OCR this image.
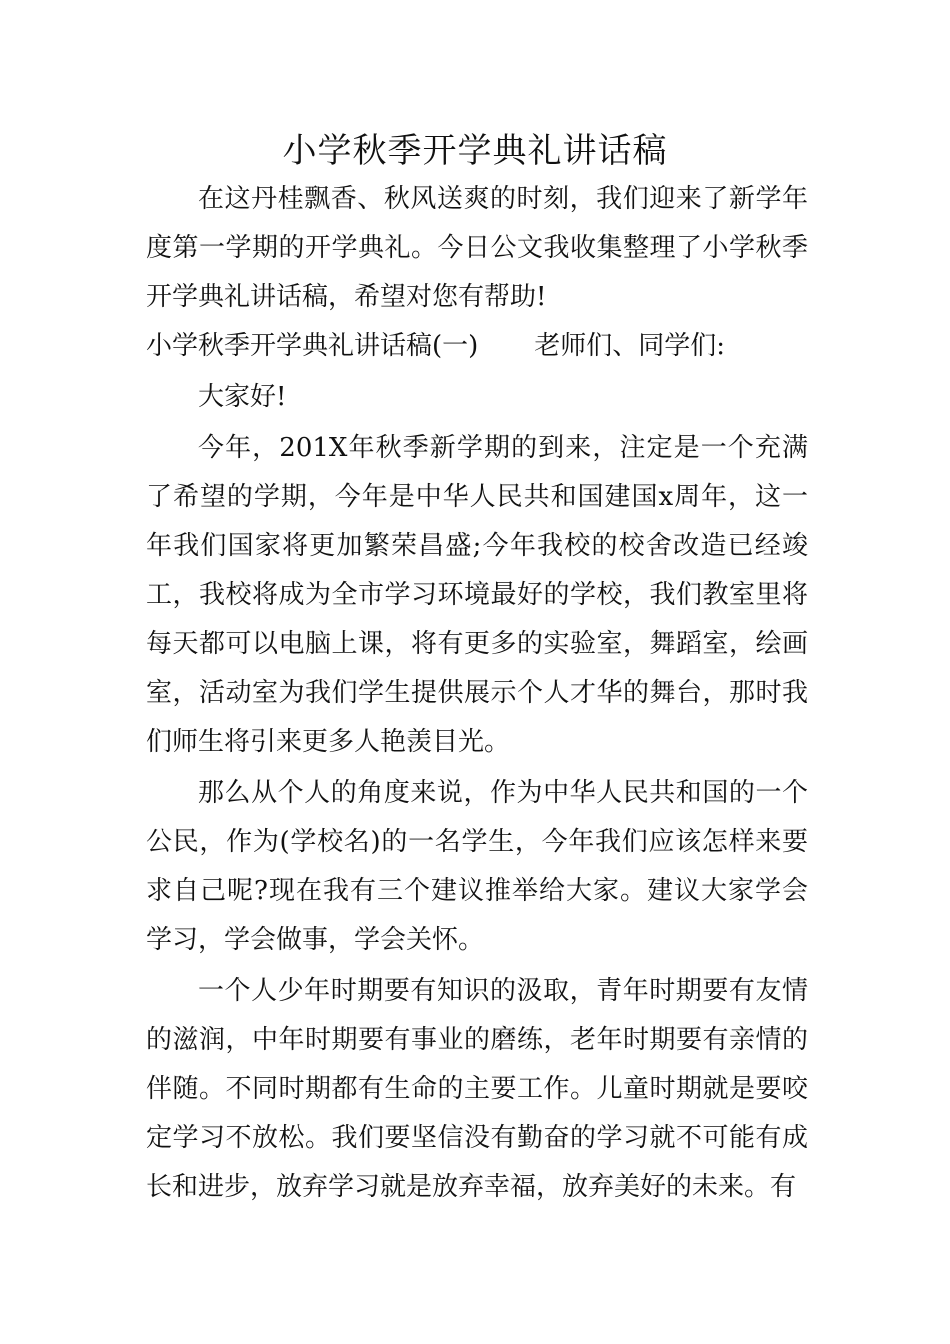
小学秋季开学典礼讲话稿

在这丹桂飘香、秋风送爽的时刻，我们迎来了新学年度第一学期的开学典礼。今日公文我收集整理了小学秋季开学典礼讲话稿，希望对您有帮助!

小学秋季开学典礼讲话稿(一) 老师们、同学们:

大家好!

今年，201X年秋季新学期的到来，注定是一个充满了希望的学期，今年是中华人民共和国建国x周年，这一年我们国家将更加繁荣昌盛;今年我校的校舍改造已经竣工，我校将成为全市学习环境最好的学校，我们教室里将每天都可以电脑上课，将有更多的实验室，舞蹈室，绘画室，活动室为我们学生提供展示个人才华的舞台，那时我们师生将引来更多人艳羡目光。

那么从个人的角度来说，作为中华人民共和国的一个公民，作为(学校名)的一名学生，今年我们应该怎样来要求自己呢?现在我有三个建议推举给大家。建议大家学会学习，学会做事，学会关怀。

一个人少年时期要有知识的汲取，青年时期要有友情的滋润，中年时期要有事业的磨练，老年时期要有亲情的伴随。不同时期都有生命的主要工作。儿童时期就是要咬定学习不放松。我们要坚信没有勤奋的学习就不可能有成长和进步，放弃学习就是放弃幸福，放弃美好的未来。有
